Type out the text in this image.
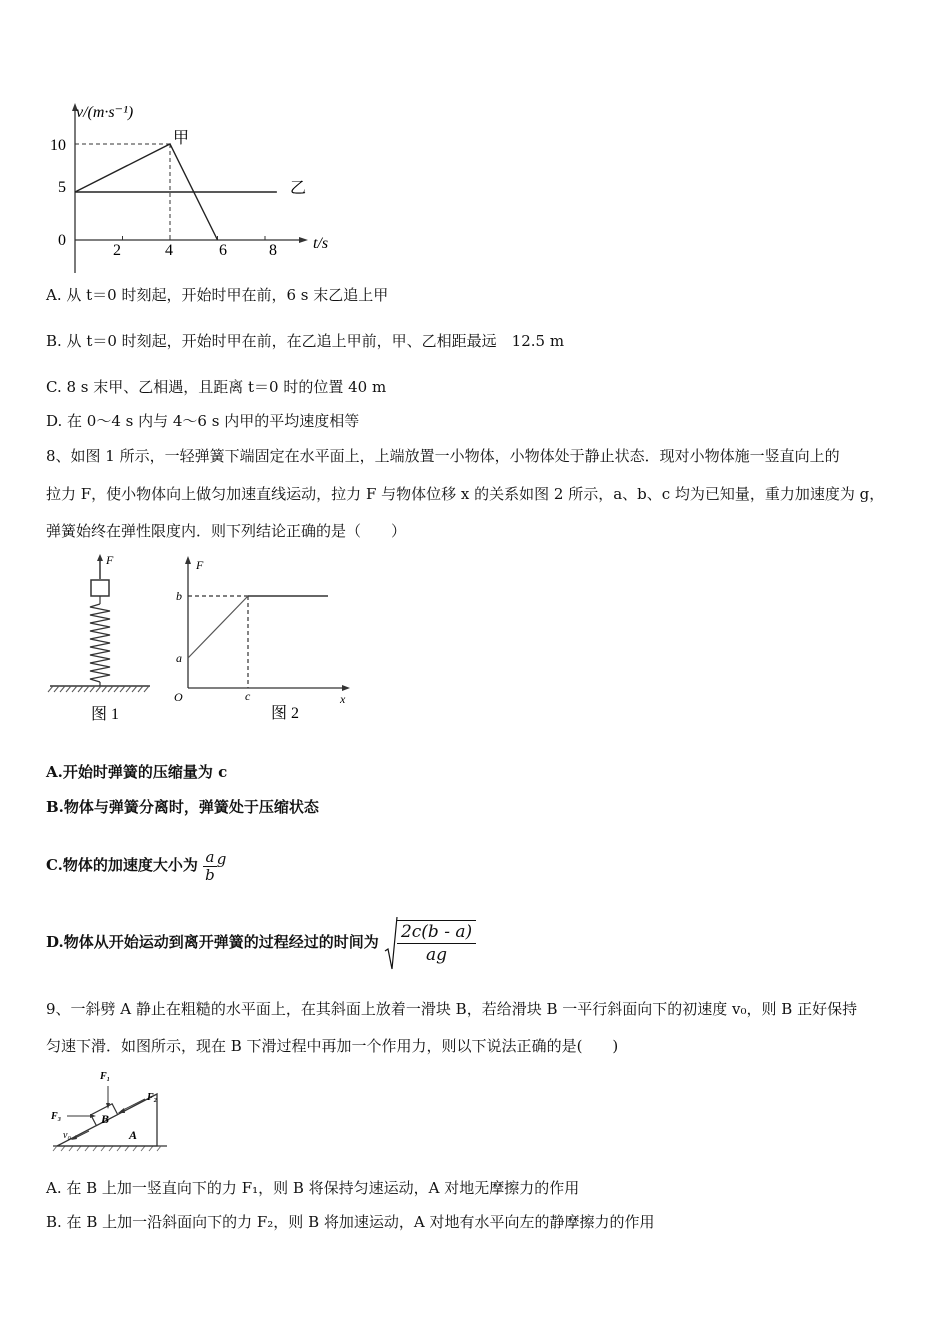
v/(m·s⁻¹)
t/s
10
5
0
2	4	6	8
甲
乙
A. 从 t＝0 时刻起，开始时甲在前，6 s 末乙追上甲
B. 从 t＝0 时刻起，开始时甲在前，在乙追上甲前，甲、乙相距最远　12.5 m
C. 8 s 末甲、乙相遇，且距离 t＝0 时的位置 40 m
D. 在 0～4 s 内与 4～6 s 内甲的平均速度相等
8、如图 1 所示，一轻弹簧下端固定在水平面上，上端放置一小物体，小物体处于静止状态．现对小物体施一竖直向上的
拉力 F，使小物体向上做匀加速直线运动，拉力 F 与物体位移 x 的关系如图 2 所示，a、b、c 均为已知量，重力加速度为 g，
弹簧始终在弹性限度内．则下列结论正确的是（　　）
F
图 1
F
x
O
b
a
c
图 2
A.开始时弹簧的压缩量为 c
B.物体与弹簧分离时，弹簧处于压缩状态
C.物体的加速度大小为 $\frac{a}{b}$ g
D.物体从开始运动到离开弹簧的过程经过的时间为 $\frac{2c(b - a)}{ag}$
9、一斜劈 A 静止在粗糙的水平面上，在其斜面上放着一滑块 B，若给滑块 B 一平行斜面向下的初速度 v₀，则 B 正好保持
匀速下滑．如图所示，现在 B 下滑过程中再加一个作用力，则以下说法正确的是(　　)
B
A
F₁
F₂
F₃
v₀
A. 在 B 上加一竖直向下的力 F₁，则 B 将保持匀速运动，A 对地无摩擦力的作用
B. 在 B 上加一沿斜面向下的力 F₂，则 B 将加速运动，A 对地有水平向左的静摩擦力的作用
